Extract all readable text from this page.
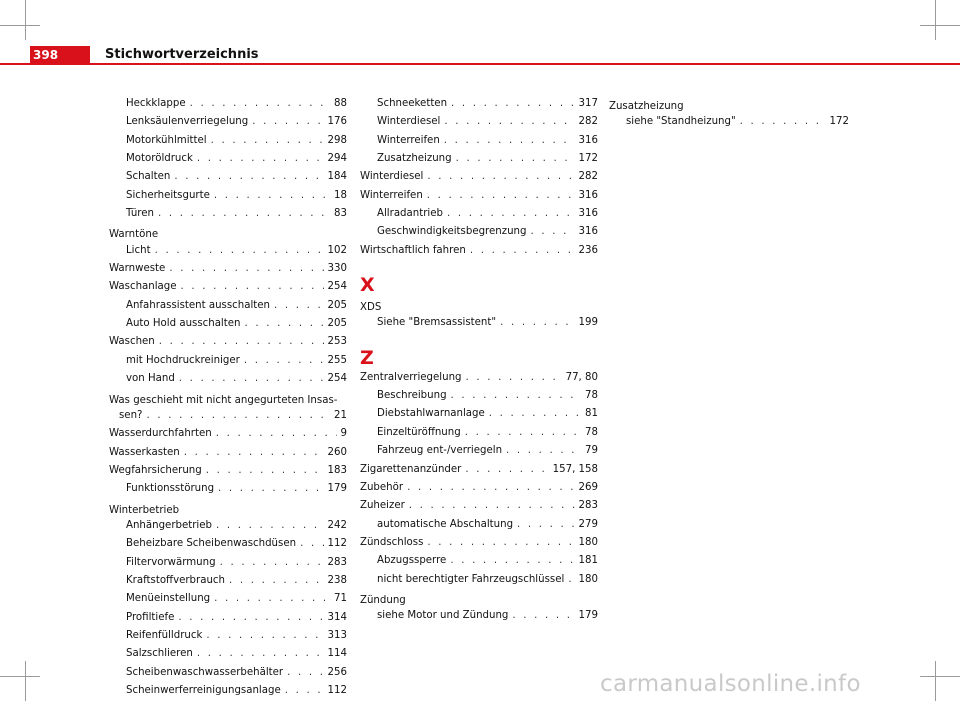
398	Stichwortverzeichnis
Heckklappe . . .	88
Lenksäulenverriegelung . . .	176
Motorkühlmittel . . .	298
Motoröldruck . . .	294
Schalten . . .	184
Sicherheitsgurte . . .	18
Türen . . .	83
Warntöne
Licht . . .	102
Warnweste . . .	330
Waschanlage . . .	254
Anfahrassistent ausschalten . . .	205
Auto Hold ausschalten . . .	205
Waschen . . .	253
mit Hochdruckreiniger . . .	255
von Hand . . .	254
Was geschieht mit nicht angegurteten Insas-
sen? . . .	21
Wasserdurchfahrten . . .	9
Wasserkasten . . .	260
Wegfahrsicherung . . .	183
Funktionsstörung . . .	179
Winterbetrieb
Anhängerbetrieb . . .	242
Beheizbare Scheibenwaschdüsen . . .	112
Filtervorwärmung . . .	283
Kraftstoffverbrauch . . .	238
Menüeinstellung . . .	71
Profiltiefe . . .	314
Reifenfülldruck . . .	313
Salzschlieren . . .	114
Scheibenwaschwasserbehälter . . .	256
Scheinwerferreinigungsanlage . . .	112
Schneeketten . . .	317
Winterdiesel . . .	282
Winterreifen . . .	316
Zusatzheizung . . .	172
Winterdiesel . . .	282
Winterreifen . . .	316
Allradantrieb . . .	316
Geschwindigkeitsbegrenzung . . .	316
Wirtschaftlich fahren . . .	236
X
XDS
Siehe "Bremsassistent" . . .	199
Z
Zentralverriegelung . . .	77, 80
Beschreibung . . .	78
Diebstahlwarnanlage . . .	81
Einzeltüröffnung . . .	78
Fahrzeug ent-/verriegeln . . .	79
Zigarettenanzünder . . .	157, 158
Zubehör . . .	269
Zuheizer . . .	283
automatische Abschaltung . . .	279
Zündschloss . . .	180
Abzugssperre . . .	181
nicht berechtigter Fahrzeugschlüssel . . . 180
Zündung
siehe Motor und Zündung . . .	179
Zusatzheizung
siehe "Standheizung" . . .	172
carmanualsonline.info
